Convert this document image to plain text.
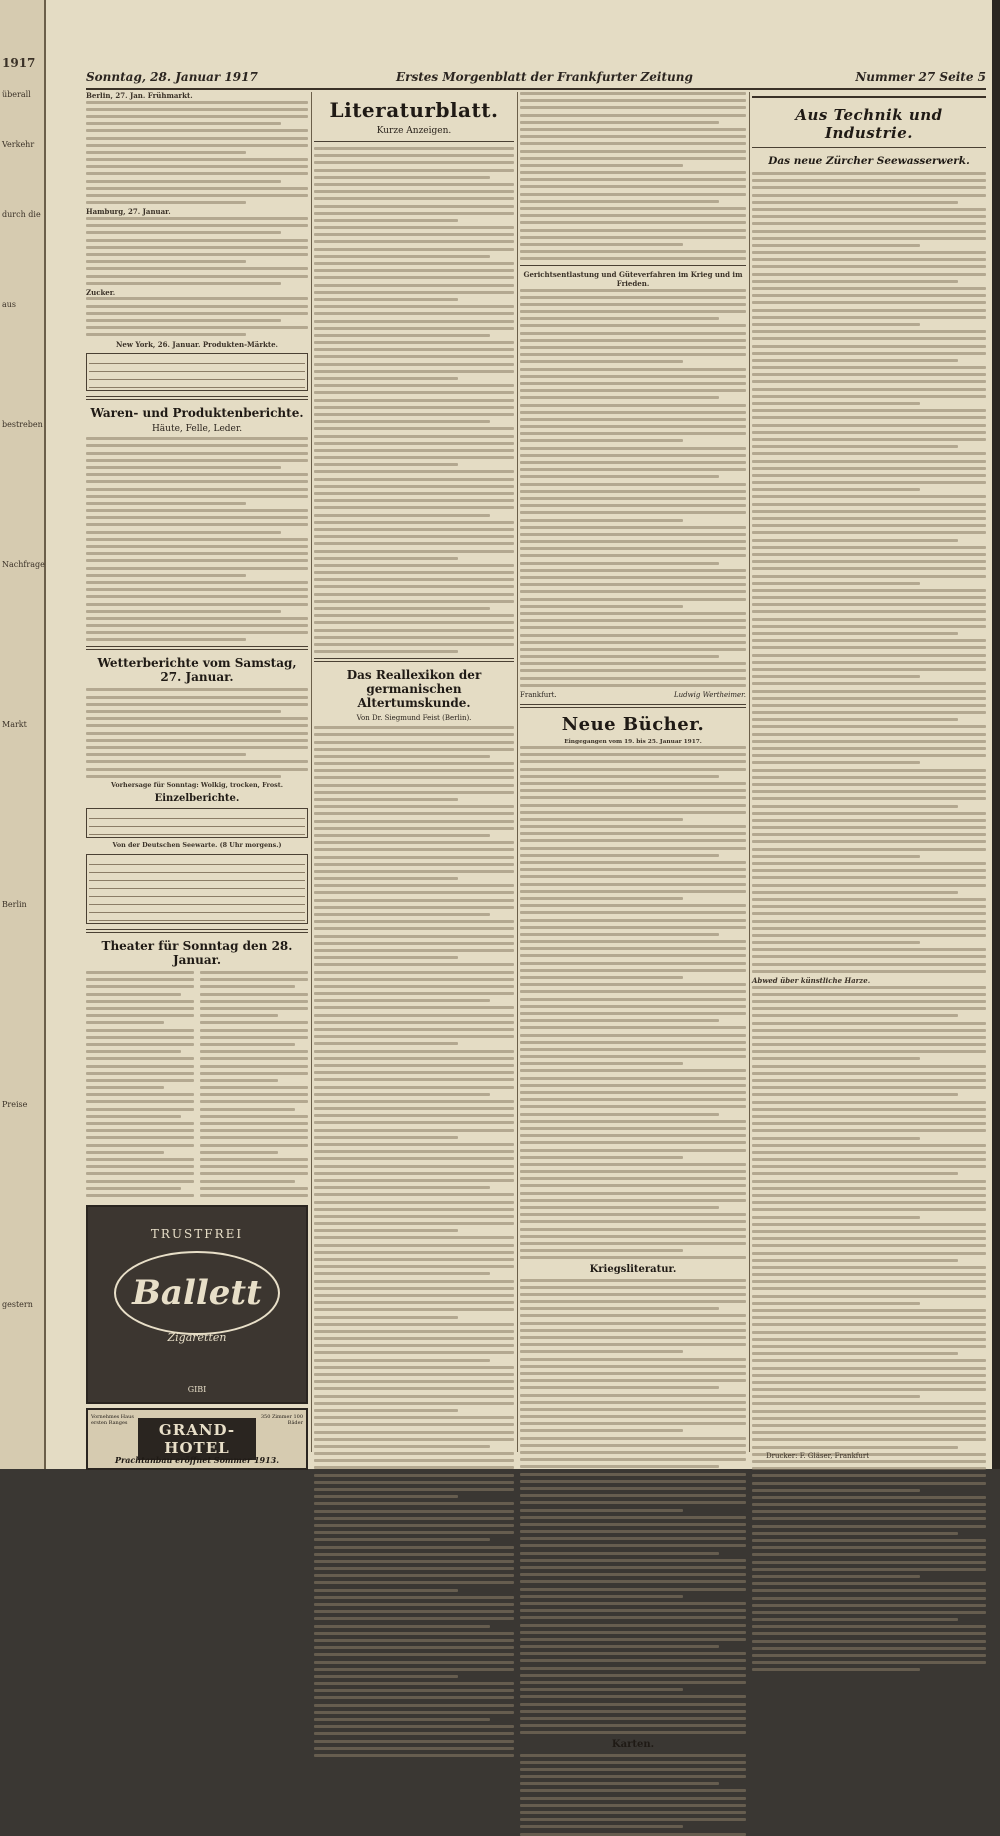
1917
überall
Verkehr
durch die
aus
bestreben
Nachfrage
Markt
Berlin
Preise
gestern
Sonntag, 28. Januar 1917	Erstes Morgenblatt der Frankfurter Zeitung	Nummer 27 Seite 5

Berlin, 27. Jan. Frühmarkt.

Hamburg, 27. Januar.

Zucker.

New York, 26. Januar. Produkten-Märkte.

Waren- und Produktenberichte.
Häute, Felle, Leder.
Wetterberichte vom Samstag, 27. Januar.

Vorhersage für Sonntag: Wolkig, trocken, Frost.

Einzelberichte.

Von der Deutschen Seewarte. (8 Uhr morgens.)

Theater für Sonntag den 28. Januar.
TRUSTFREI
Ballett
Zigaretten
GIBI
Vornehmes Haus ersten Ranges	GRAND-HOTEL
350 Zimmer 100 Bäder
Prachtanbau eröffnet Sommer 1913.
Literaturblatt.
Kurze Anzeigen.
Das Reallexikon der germanischen Altertumskunde.
Von Dr. Siegmund Feist (Berlin).

Gerichtsentlastung und Güteverfahren im Krieg und im Frieden.

Frankfurt.	Ludwig Wertheimer.
Neue Bücher.

Eingegangen vom 19. bis 25. Januar 1917.

Kriegsliteratur.
Karten.
Aus Technik und Industrie.
Das neue Zürcher Seewasserwerk.

Abwed über künstliche Harze.

Drucker: F. Gläser, Frankfurt
